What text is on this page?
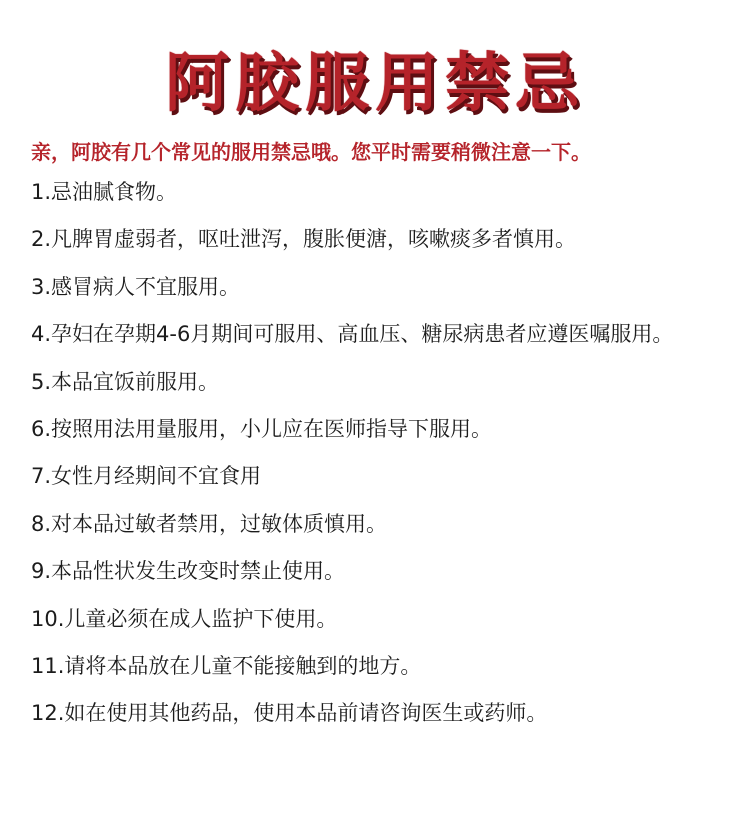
阿胶服用禁忌
亲，阿胶有几个常见的服用禁忌哦。您平时需要稍微注意一下。
1.忌油腻食物。
2.凡脾胃虚弱者，呕吐泄泻，腹胀便溏，咳嗽痰多者慎用。
3.感冒病人不宜服用。
4.孕妇在孕期4-6月期间可服用、高血压、糖尿病患者应遵医嘱服用。
5.本品宜饭前服用。
6.按照用法用量服用，小儿应在医师指导下服用。
7.女性月经期间不宜食用
8.对本品过敏者禁用，过敏体质慎用。
9.本品性状发生改变时禁止使用。
10.儿童必须在成人监护下使用。
11.请将本品放在儿童不能接触到的地方。
12.如在使用其他药品，使用本品前请咨询医生或药师。
